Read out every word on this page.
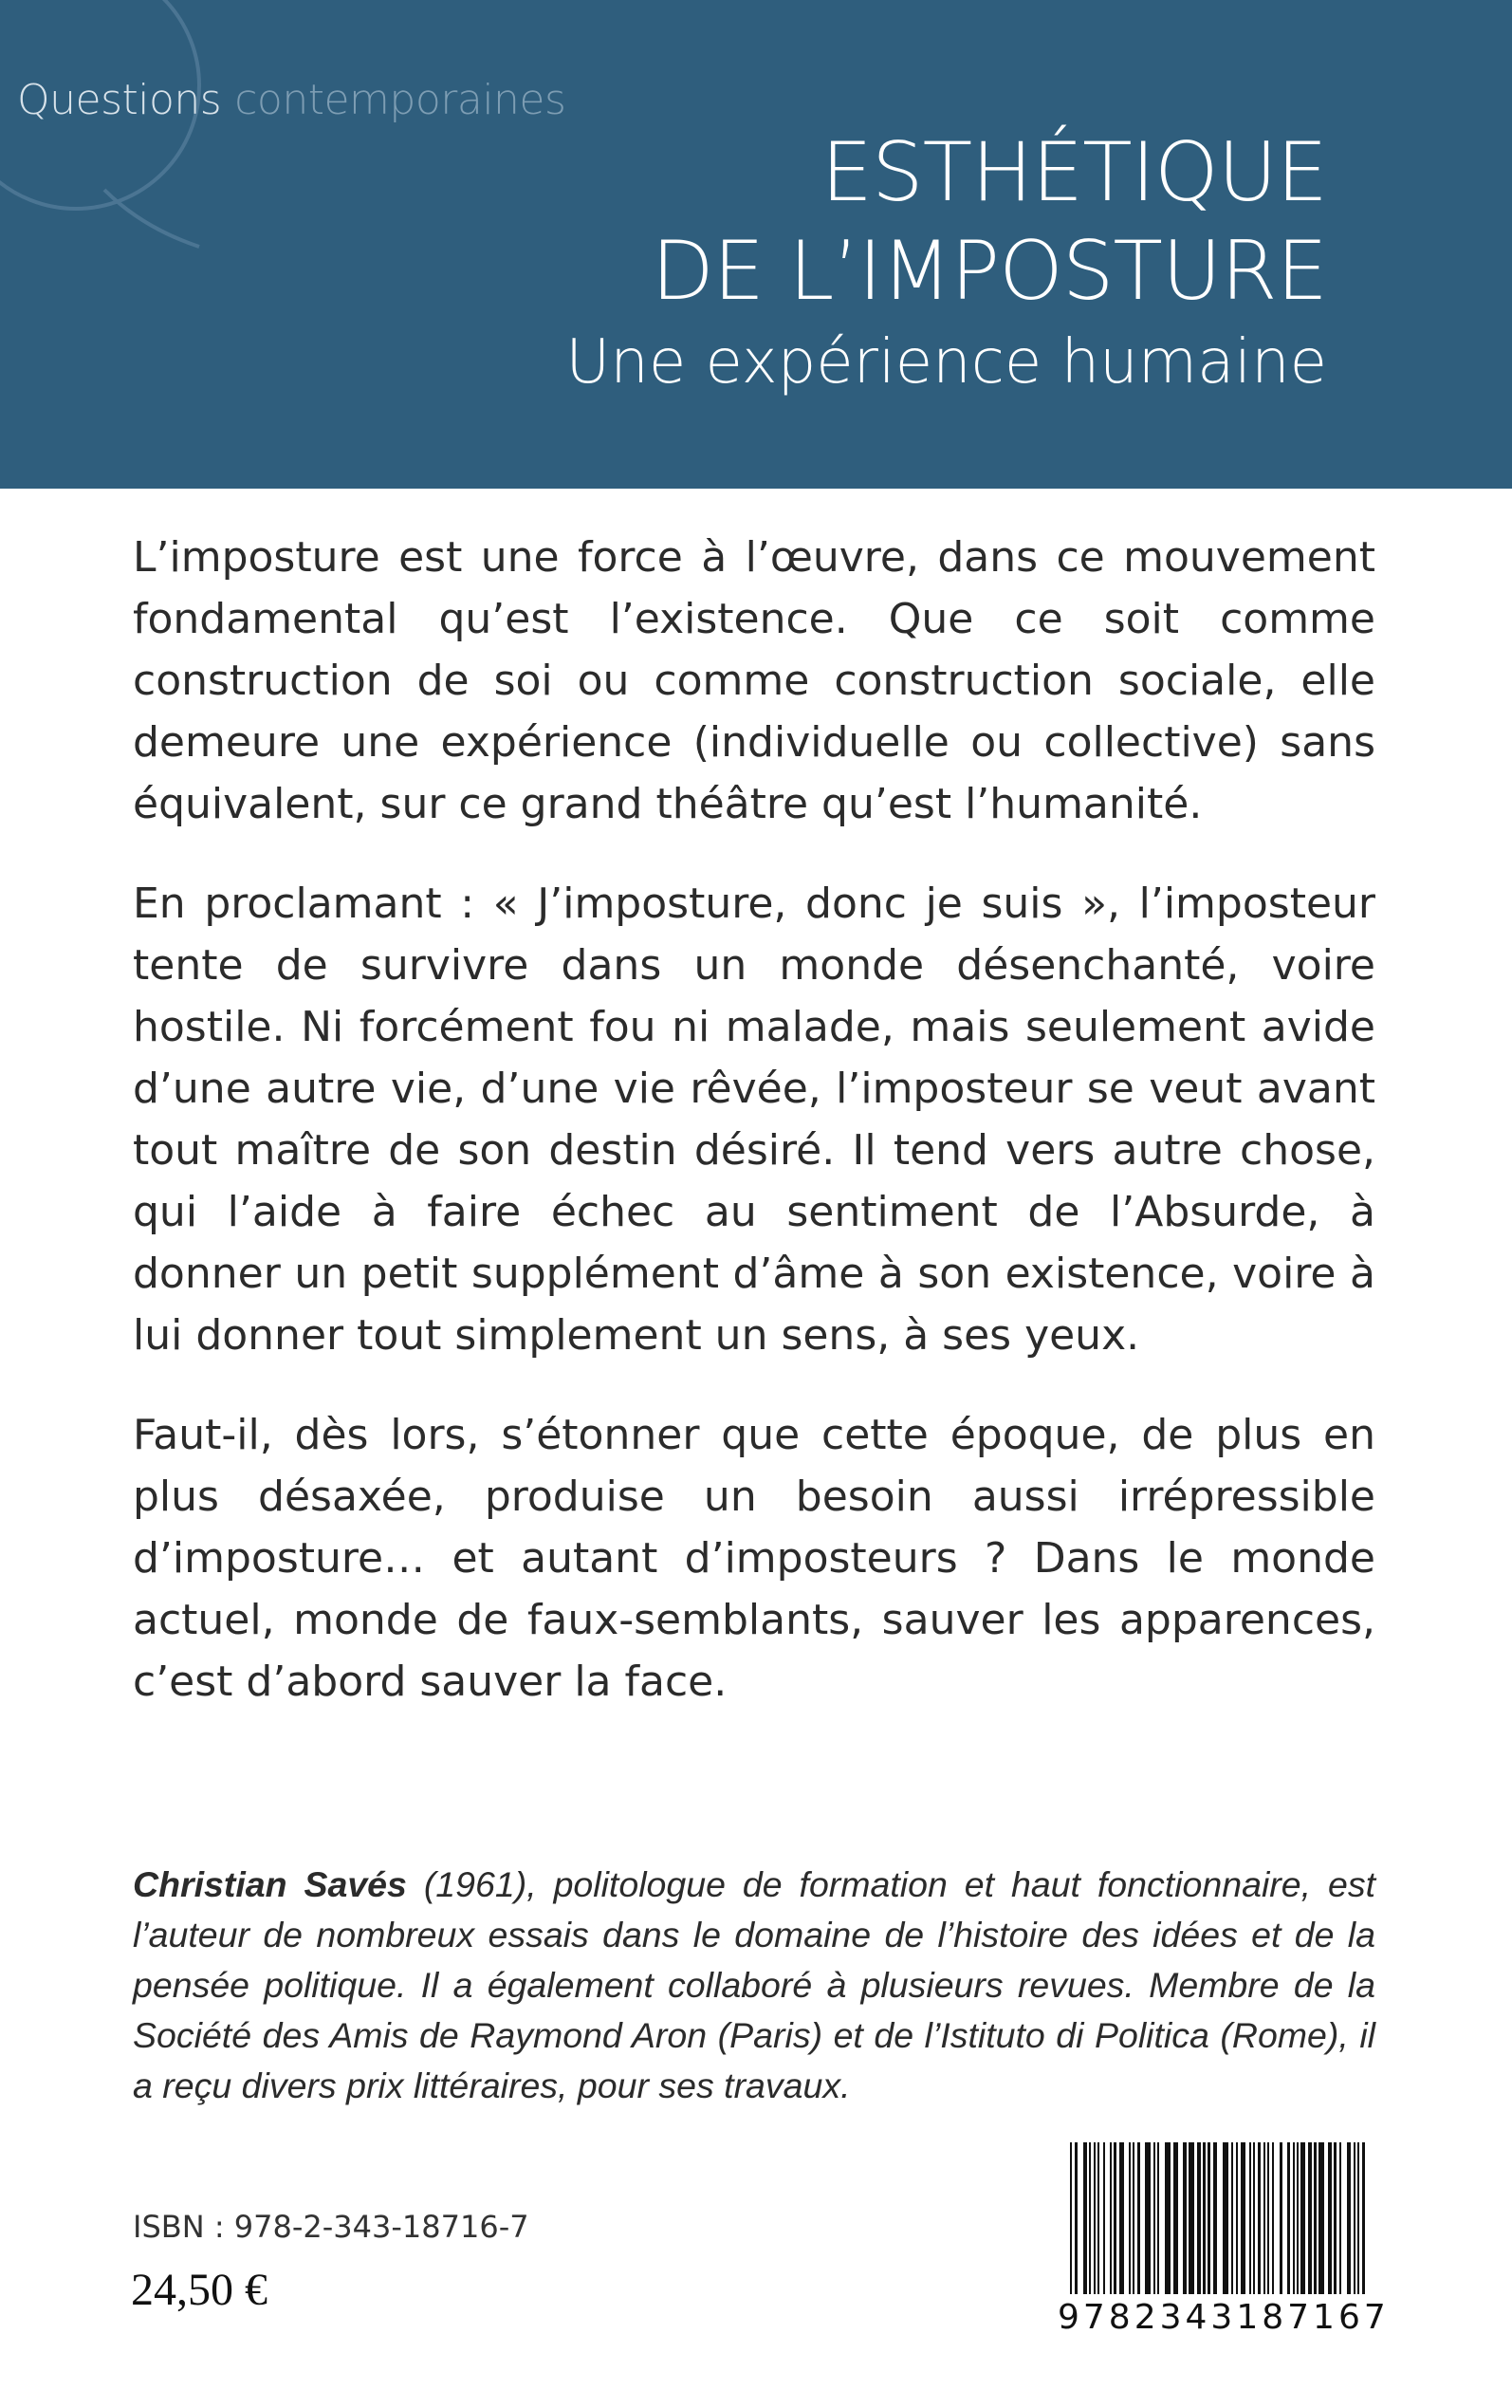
Questions contemporaines
ESTHÉTIQUE
DE L’IMPOSTURE
Une expérience humaine

L’imposture est une force à l’œuvre, dans ce mouvement fondamental qu’est l’existence. Que ce soit comme construction de soi ou comme construction sociale, elle demeure une expérience (individuelle ou collective) sans équivalent, sur ce grand théâtre qu’est l’humanité.

En proclamant : « J’imposture, donc je suis », l’imposteur tente de survivre dans un monde désenchanté, voire hostile. Ni forcément fou ni malade, mais seulement avide d’une autre vie, d’une vie rêvée, l’imposteur se veut avant tout maître de son destin désiré. Il tend vers autre chose, qui l’aide à faire échec au sentiment de l’Absurde, à donner un petit supplément d’âme à son existence, voire à lui donner tout simplement un sens, à ses yeux.

Faut-il, dès lors, s’étonner que cette époque, de plus en plus désaxée, produise un besoin aussi irrépressible d’imposture… et autant d’imposteurs ? Dans le monde actuel, monde de faux-semblants, sauver les apparences, c’est d’abord sauver la face.

Christian Savés (1961), politologue de formation et haut fonctionnaire, est l’auteur de nombreux essais dans le domaine de l’histoire des idées et de la pensée politique. Il a également collaboré à plusieurs revues. Membre de la Société des Amis de Raymond Aron (Paris) et de l’Istituto di Politica (Rome), il a reçu divers prix littéraires, pour ses travaux.
ISBN : 978-2-343-18716-7
24,50 €
9782343187167
